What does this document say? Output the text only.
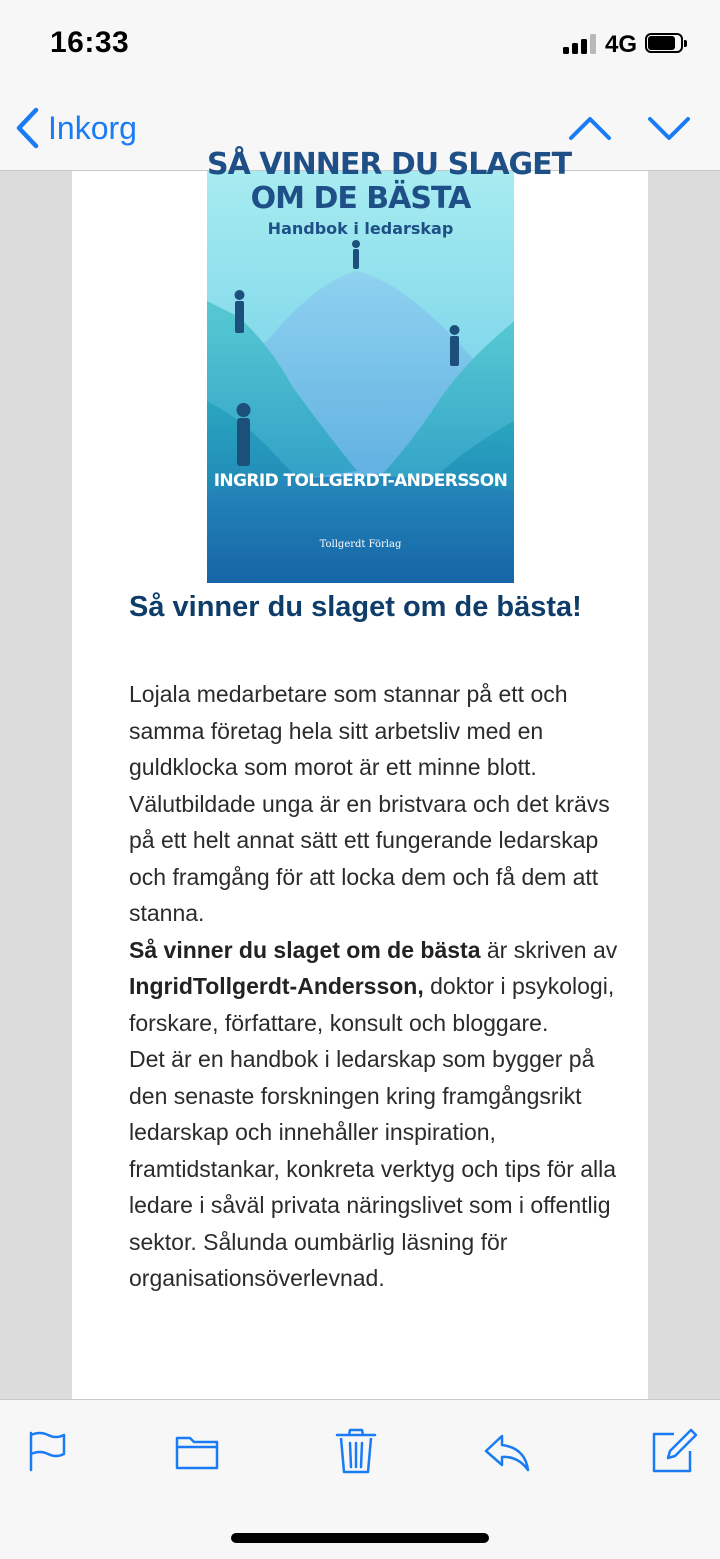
16:33	4G
Inkorg
SÅ VINNER DU SLAGET
OM DE BÄSTA
Handbok i ledarskap
INGRID TOLLGERDT-ANDERSSON
Tollgerdt Förlag
Så vinner du slaget om de bästa!

Lojala medarbetare som stannar på ett och samma företag hela sitt arbetsliv med en guldklocka som morot är ett minne blott. Välutbildade unga är en bristvara och det krävs på ett helt annat sätt ett fungerande ledarskap och framgång för att locka dem och få dem att stanna.

Så vinner du slaget om de bästa är skriven av IngridTollgerdt-Andersson, doktor i psykologi, forskare, författare, konsult och bloggare.

Det är en handbok i ledarskap som bygger på den senaste forskningen kring framgångsrikt ledarskap och innehåller inspiration, framtidstankar, konkreta verktyg och tips för alla ledare i såväl privata näringslivet som i offentlig sektor. Sålunda oumbärlig läsning för organisationsöverlevnad.
